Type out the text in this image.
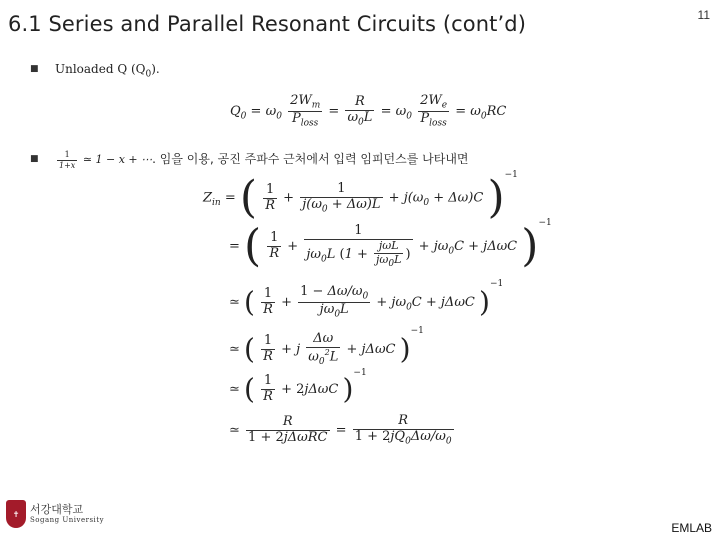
6.1 Series and Parallel Resonant Circuits (cont’d)	11
■ Unloaded Q $(Q_0)$.
$Q_0 = \omega_0 \frac{2W_m}{P_{loss}} = \frac{R}{\omega_0L} = \omega_0 \frac{2W_e}{P_{loss}} = \omega_0RC$
■ $\frac{1}{1+x}$ ≃ 1 − x + ⋯. 임을 이용, 공진 주파수 근처에서 입력 임피던스를 나타내면
$Z_{in}$ = ( $\frac{1}{R} + \frac{1}{j(\omega_0 + \Delta\omega)L} + j(\omega_0 + \Delta\omega)C$ )$^{-1}$
= ( $\frac{1}{R} + \frac{1}{j\omega_0L (1 + \frac{\text{jωL}}{j\omega_0L} )} + j\omega_0C + j\Delta\omega C$ )$^{-1}$
≃ ( $\frac{1}{R} + \frac{1 - \Delta\omega/\omega_0}{j\omega_0L} + j\omega_0C + j\Delta\omega C$ )$^{-1}$
≃ ( $\frac{1}{R} + j \frac{\Delta\omega}{\omega_0^2L} + j\Delta\omega C$ )$^{-1}$
≃ ( $\frac{1}{R} + 2j\Delta\omega C$ )$^{-1}$
≃ $\frac{R}{\text{1 + 2jΔωRC}} = \frac{R}{1 + 2jQ_0\Delta\omega/\omega_0}$
✝ 서강대학교
Sogang University
EMLAB
